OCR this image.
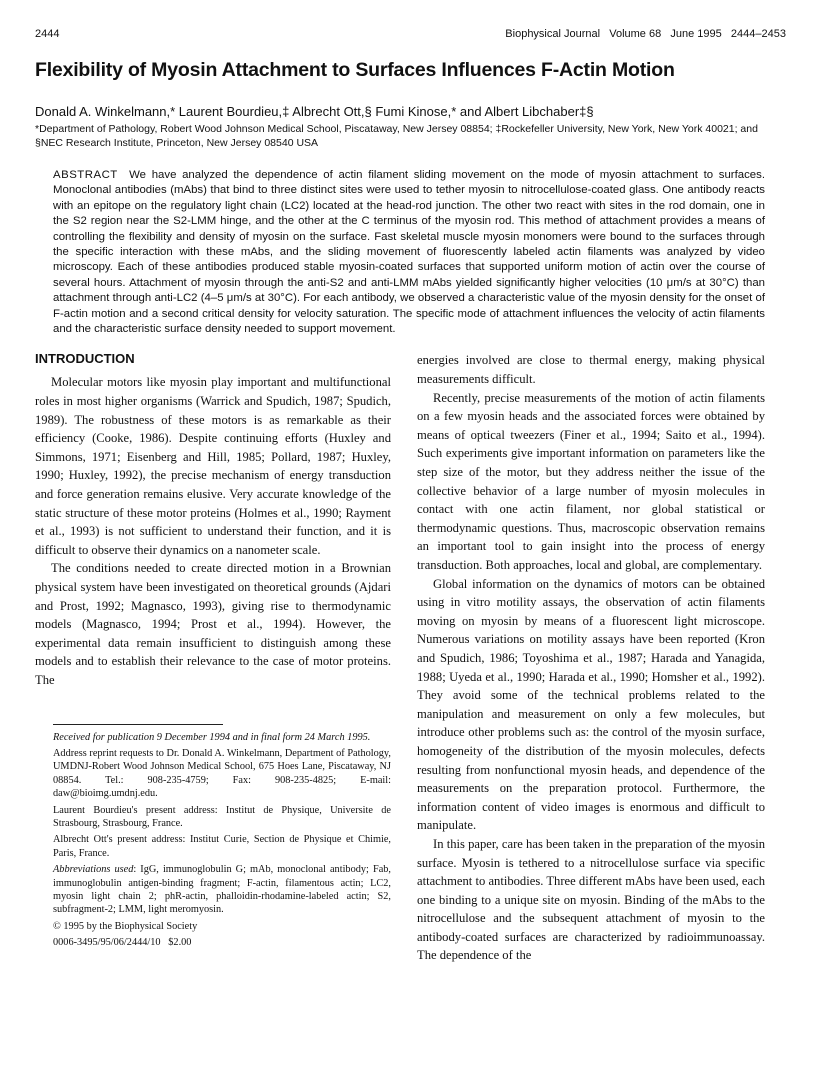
2444	Biophysical Journal   Volume 68   June 1995   2444–2453
Flexibility of Myosin Attachment to Surfaces Influences F-Actin Motion
Donald A. Winkelmann,* Laurent Bourdieu,‡ Albrecht Ott,§ Fumi Kinose,* and Albert Libchaber‡§
*Department of Pathology, Robert Wood Johnson Medical School, Piscataway, New Jersey 08854; ‡Rockefeller University, New York, New York 40021; and §NEC Research Institute, Princeton, New Jersey 08540 USA
ABSTRACT We have analyzed the dependence of actin filament sliding movement on the mode of myosin attachment to surfaces. Monoclonal antibodies (mAbs) that bind to three distinct sites were used to tether myosin to nitrocellulose-coated glass. One antibody reacts with an epitope on the regulatory light chain (LC2) located at the head-rod junction. The other two react with sites in the rod domain, one in the S2 region near the S2-LMM hinge, and the other at the C terminus of the myosin rod. This method of attachment provides a means of controlling the flexibility and density of myosin on the surface. Fast skeletal muscle myosin monomers were bound to the surfaces through the specific interaction with these mAbs, and the sliding movement of fluorescently labeled actin filaments was analyzed by video microscopy. Each of these antibodies produced stable myosin-coated surfaces that supported uniform motion of actin over the course of several hours. Attachment of myosin through the anti-S2 and anti-LMM mAbs yielded significantly higher velocities (10 μm/s at 30°C) than attachment through anti-LC2 (4–5 μm/s at 30°C). For each antibody, we observed a characteristic value of the myosin density for the onset of F-actin motion and a second critical density for velocity saturation. The specific mode of attachment influences the velocity of actin filaments and the characteristic surface density needed to support movement.
INTRODUCTION

Molecular motors like myosin play important and multifunctional roles in most higher organisms (Warrick and Spudich, 1987; Spudich, 1989). The robustness of these motors is as remarkable as their efficiency (Cooke, 1986). Despite continuing efforts (Huxley and Simmons, 1971; Eisenberg and Hill, 1985; Pollard, 1987; Huxley, 1990; Huxley, 1992), the precise mechanism of energy transduction and force generation remains elusive. Very accurate knowledge of the static structure of these motor proteins (Holmes et al., 1990; Rayment et al., 1993) is not sufficient to understand their function, and it is difficult to observe their dynamics on a nanometer scale.

The conditions needed to create directed motion in a Brownian physical system have been investigated on theoretical grounds (Ajdari and Prost, 1992; Magnasco, 1993), giving rise to thermodynamic models (Magnasco, 1994; Prost et al., 1994). However, the experimental data remain insufficient to distinguish among these models and to establish their relevance to the case of motor proteins. The

Received for publication 9 December 1994 and in final form 24 March 1995.

Address reprint requests to Dr. Donald A. Winkelmann, Department of Pathology, UMDNJ-Robert Wood Johnson Medical School, 675 Hoes Lane, Piscataway, NJ 08854. Tel.: 908-235-4759; Fax: 908-235-4825; E-mail: daw@bioimg.umdnj.edu.

Laurent Bourdieu's present address: Institut de Physique, Universite de Strasbourg, Strasbourg, France.

Albrecht Ott's present address: Institut Curie, Section de Physique et Chimie, Paris, France.

Abbreviations used: IgG, immunoglobulin G; mAb, monoclonal antibody; Fab, immunoglobulin antigen-binding fragment; F-actin, filamentous actin; LC2, myosin light chain 2; phR-actin, phalloidin-rhodamine-labeled actin; S2, subfragment-2; LMM, light meromyosin.

© 1995 by the Biophysical Society

0006-3495/95/06/2444/10   $2.00

energies involved are close to thermal energy, making physical measurements difficult.

Recently, precise measurements of the motion of actin filaments on a few myosin heads and the associated forces were obtained by means of optical tweezers (Finer et al., 1994; Saito et al., 1994). Such experiments give important information on parameters like the step size of the motor, but they address neither the issue of the collective behavior of a large number of myosin molecules in contact with one actin filament, nor global statistical or thermodynamic questions. Thus, macroscopic observation remains an important tool to gain insight into the process of energy transduction. Both approaches, local and global, are complementary.

Global information on the dynamics of motors can be obtained using in vitro motility assays, the observation of actin filaments moving on myosin by means of a fluorescent light microscope. Numerous variations on motility assays have been reported (Kron and Spudich, 1986; Toyoshima et al., 1987; Harada and Yanagida, 1988; Uyeda et al., 1990; Harada et al., 1990; Homsher et al., 1992). They avoid some of the technical problems related to the manipulation and measurement on only a few molecules, but introduce other problems such as: the control of the myosin surface, homogeneity of the distribution of the myosin molecules, defects resulting from nonfunctional myosin heads, and dependence of the measurements on the preparation protocol. Furthermore, the information content of video images is enormous and difficult to manipulate.

In this paper, care has been taken in the preparation of the myosin surface. Myosin is tethered to a nitrocellulose surface via specific attachment to antibodies. Three different mAbs have been used, each one binding to a unique site on myosin. Binding of the mAbs to the nitrocellulose and the subsequent attachment of myosin to the antibody-coated surfaces are characterized by radioimmunoassay. The dependence of the
